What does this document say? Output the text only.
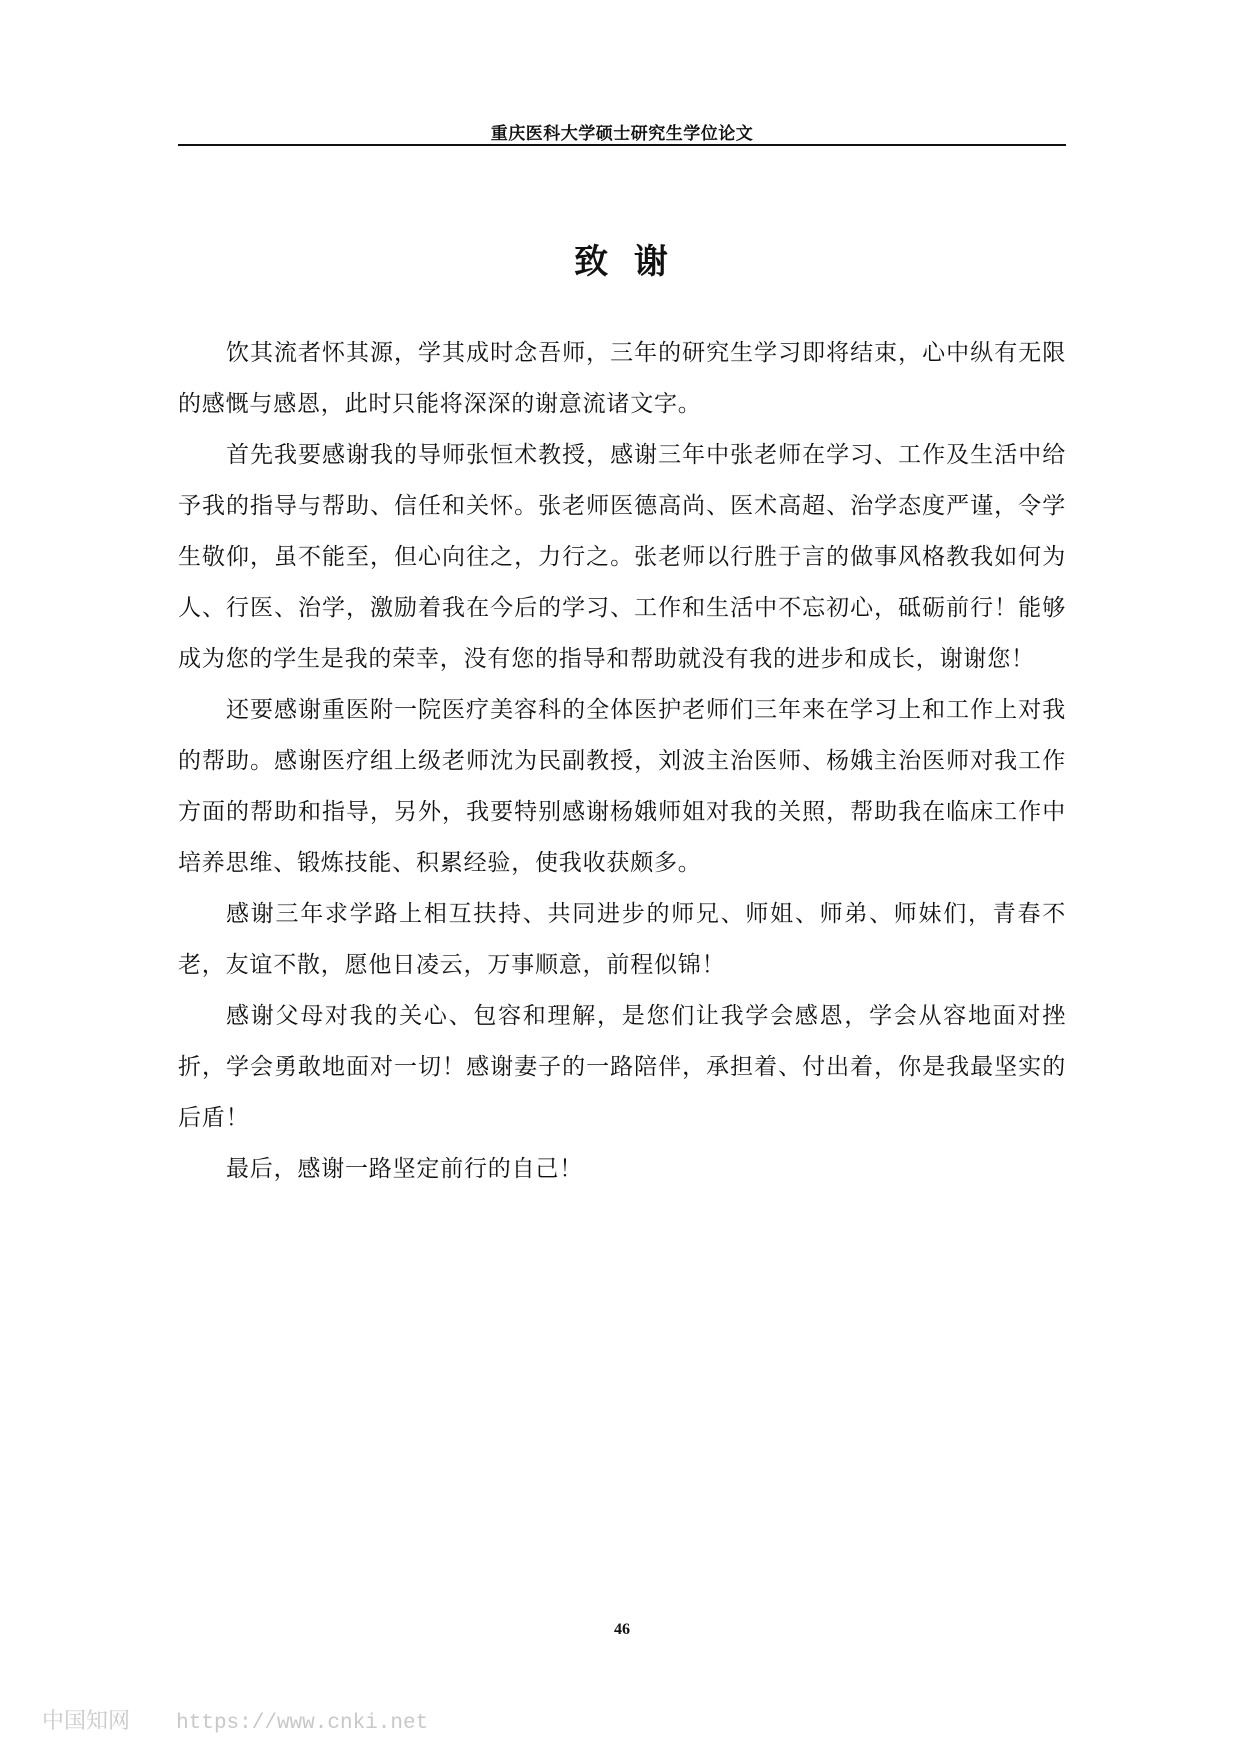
重庆医科大学硕士研究生学位论文
致 谢

饮其流者怀其源，学其成时念吾师，三年的研究生学习即将结束，心中纵有无限的感慨与感恩，此时只能将深深的谢意流诸文字。

首先我要感谢我的导师张恒术教授，感谢三年中张老师在学习、工作及生活中给予我的指导与帮助、信任和关怀。张老师医德高尚、医术高超、治学态度严谨，令学生敬仰，虽不能至，但心向往之，力行之。张老师以行胜于言的做事风格教我如何为人、行医、治学，激励着我在今后的学习、工作和生活中不忘初心，砥砺前行！能够成为您的学生是我的荣幸，没有您的指导和帮助就没有我的进步和成长，谢谢您！

还要感谢重医附一院医疗美容科的全体医护老师们三年来在学习上和工作上对我的帮助。感谢医疗组上级老师沈为民副教授，刘波主治医师、杨娥主治医师对我工作方面的帮助和指导，另外，我要特别感谢杨娥师姐对我的关照，帮助我在临床工作中培养思维、锻炼技能、积累经验，使我收获颇多。

感谢三年求学路上相互扶持、共同进步的师兄、师姐、师弟、师妹们，青春不老，友谊不散，愿他日凌云，万事顺意，前程似锦！

感谢父母对我的关心、包容和理解，是您们让我学会感恩，学会从容地面对挫折，学会勇敢地面对一切！感谢妻子的一路陪伴，承担着、付出着，你是我最坚实的后盾！

最后，感谢一路坚定前行的自己！

46
中国知网 https://www.cnki.net
